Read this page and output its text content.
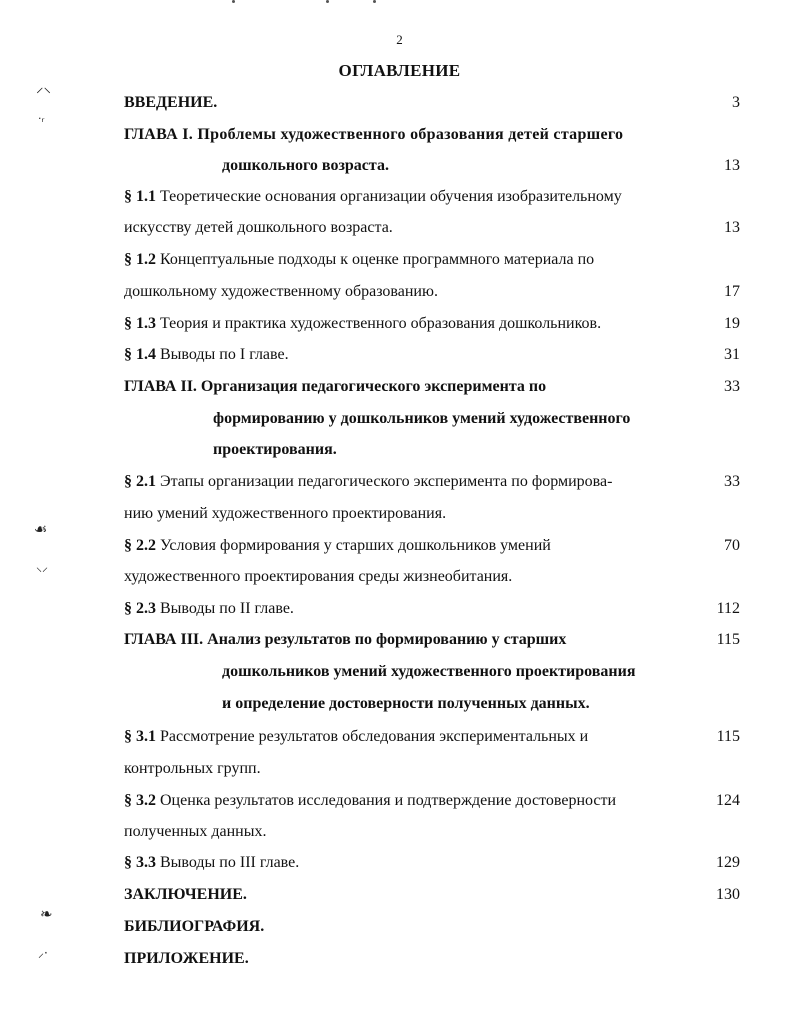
⸝⸜
·ᵣ
☙
⸜⸝
❧
⸝·
2
ОГЛАВЛЕНИЕ
ВВЕДЕНИЕ.	3
ГЛАВА I. Проблемы художественного образования детей старшего
дошкольного возраста.	13
§ 1.1 Теоретические основания организации обучения изобразительному
искусству детей дошкольного возраста.	13
§ 1.2 Концептуальные подходы к оценке программного материала по
дошкольному художественному образованию.	17
§ 1.3 Теория и практика художественного образования дошкольников.	19
§ 1.4 Выводы по I главе.	31
ГЛАВА II. Организация педагогического эксперимента по	33
формированию у дошкольников умений художественного
проектирования.
§ 2.1 Этапы организации педагогического эксперимента по формирова-	33
нию умений художественного проектирования.
§ 2.2 Условия формирования у старших дошкольников умений	70
художественного проектирования среды жизнеобитания.
§ 2.3 Выводы по II главе.	112
ГЛАВА III. Анализ результатов по формированию у старших	115
дошкольников умений художественного проектирования
и определение достоверности полученных данных.
§ 3.1 Рассмотрение результатов обследования экспериментальных и	115
контрольных групп.
§ 3.2 Оценка результатов исследования и подтверждение достоверности	124
полученных данных.
§ 3.3 Выводы по III главе.	129
ЗАКЛЮЧЕНИЕ.	130
БИБЛИОГРАФИЯ.
ПРИЛОЖЕНИЕ.
